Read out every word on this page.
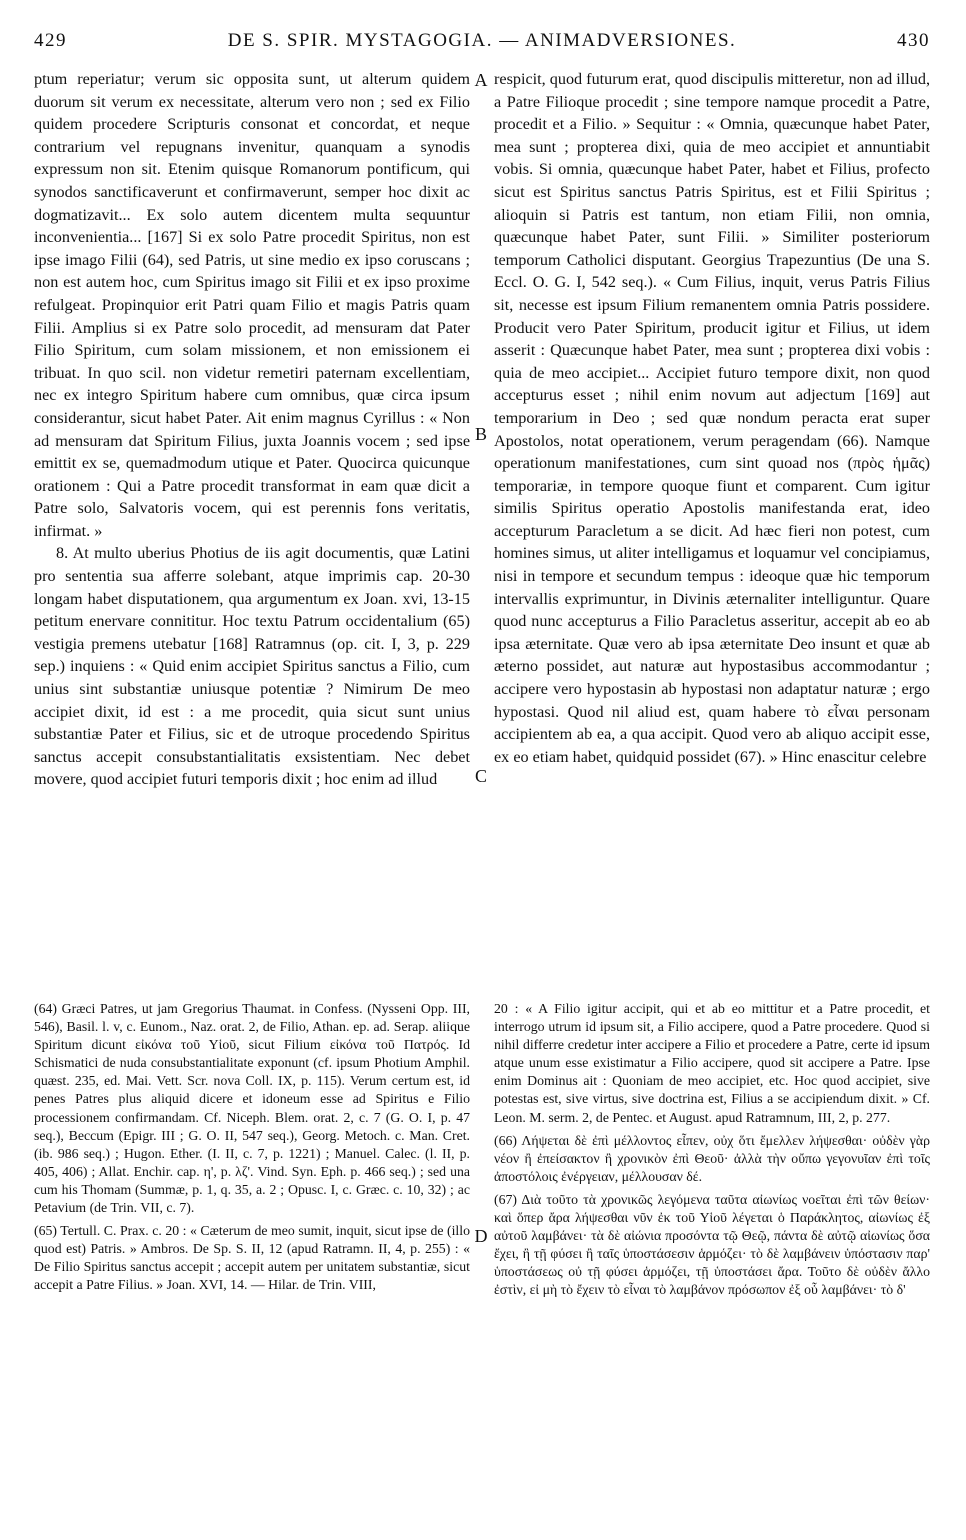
429	DE S. SPIR. MYSTAGOGIA. — ANIMADVERSIONES.	430

ptum reperiatur; verum sic opposita sunt, ut alterum quidem duorum sit verum ex necessitate, alterum vero non ; sed ex Filio quidem procedere Scripturis consonat et concordat, et neque contrarium vel repugnans invenitur, quanquam a synodis expressum non sit. Etenim quisque Romanorum pontificum, qui synodos sanctificaverunt et confirmaverunt, semper hoc dixit ac dogmatizavit... Ex solo autem dicentem multa sequuntur inconvenientia... [167] Si ex solo Patre procedit Spiritus, non est ipse imago Filii (64), sed Patris, ut sine medio ex ipso coruscans ; non est autem hoc, cum Spiritus imago sit Filii et ex ipso proxime refulgeat. Propinquior erit Patri quam Filio et magis Patris quam Filii. Amplius si ex Patre solo procedit, ad mensuram dat Pater Filio Spiritum, cum solam missionem, et non emissionem ei tribuat. In quo scil. non videtur remetiri paternam excellentiam, nec ex integro Spiritum habere cum omnibus, quæ circa ipsum considerantur, sicut habet Pater. Ait enim magnus Cyrillus : « Non ad mensuram dat Spiritum Filius, juxta Joannis vocem ; sed ipse emittit ex se, quemadmodum utique et Pater. Quocirca quicunque orationem : Qui a Patre procedit transformat in eam quæ dicit a Patre solo, Salvatoris vocem, qui est perennis fons veritatis, infirmat. »

8. At multo uberius Photius de iis agit documentis, quæ Latini pro sententia sua afferre solebant, atque imprimis cap. 20-30 longam habet disputationem, qua argumentum ex Joan. xvi, 13-15 petitum enervare connititur. Hoc textu Patrum occidentalium (65) vestigia premens utebatur [168] Ratramnus (op. cit. I, 3, p. 229 sep.) inquiens : « Quid enim accipiet Spiritus sanctus a Filio, cum unius sint substantiæ uniusque potentiæ ? Nimirum De meo accipiet dixit, id est : a me procedit, quia sicut sunt unius substantiæ Pater et Filius, sic et de utroque procedendo Spiritus sanctus accepit consubstantialitatis exsistentiam. Nec debet movere, quod accipiet futuri temporis dixit ; hoc enim ad illud

A
B
C
D

respicit, quod futurum erat, quod discipulis mitteretur, non ad illud, a Patre Filioque procedit ; sine tempore namque procedit a Patre, procedit et a Filio. » Sequitur : « Omnia, quæcunque habet Pater, mea sunt ; propterea dixi, quia de meo accipiet et annuntiabit vobis. Si omnia, quæcunque habet Pater, habet et Filius, profecto sicut est Spiritus sanctus Patris Spiritus, est et Filii Spiritus ; alioquin si Patris est tantum, non etiam Filii, non omnia, quæcunque habet Pater, sunt Filii. » Similiter posteriorum temporum Catholici disputant. Georgius Trapezuntius (De una S. Eccl. O. G. I, 542 seq.). « Cum Filius, inquit, verus Patris Filius sit, necesse est ipsum Filium remanentem omnia Patris possidere. Producit vero Pater Spiritum, producit igitur et Filius, ut idem asserit : Quæcunque habet Pater, mea sunt ; propterea dixi vobis : quia de meo accipiet... Accipiet futuro tempore dixit, non quod accepturus esset ; nihil enim novum aut adjectum [169] aut temporarium in Deo ; sed quæ nondum peracta erat super Apostolos, notat operationem, verum peragendam (66). Namque operationum manifestationes, cum sint quoad nos (πρὸς ἡμᾶς) temporariæ, in tempore quoque fiunt et comparent. Cum igitur similis Spiritus operatio Apostolis manifestanda erat, ideo accepturum Paracletum a se dicit. Ad hæc fieri non potest, cum homines simus, ut aliter intelligamus et loquamur vel concipiamus, nisi in tempore et secundum tempus : ideoque quæ hic temporum intervallis exprimuntur, in Divinis æternaliter intelliguntur. Quare quod nunc accepturus a Filio Paracletus asseritur, accepit ab eo ab ipsa æternitate. Quæ vero ab ipsa æternitate Deo insunt et quæ ab æterno possidet, aut naturæ aut hypostasibus accommodantur ; accipere vero hypostasin ab hypostasi non adaptatur naturæ ; ergo hypostasi. Quod nil aliud est, quam habere τὸ εἶναι personam accipientem ab ea, a qua accipit. Quod vero ab aliquo accipit esse, ex eo etiam habet, quidquid possidet (67). » Hinc enascitur celebre

(64) Græci Patres, ut jam Gregorius Thaumat. in Confess. (Nysseni Opp. III, 546), Basil. l. v, c. Eunom., Naz. orat. 2, de Filio, Athan. ep. ad. Serap. aliique Spiritum dicunt εἰκόνα τοῦ Υἱοῦ, sicut Filium εἰκόνα τοῦ Πατρός. Id Schismatici de nuda consubstantialitate exponunt (cf. ipsum Photium Amphil. quæst. 235, ed. Mai. Vett. Scr. nova Coll. IX, p. 115). Verum certum est, id penes Patres plus aliquid dicere et idoneum esse ad Spiritus e Filio processionem confirmandam. Cf. Niceph. Blem. orat. 2, c. 7 (G. O. I, p. 47 seq.), Beccum (Epigr. III ; G. O. II, 547 seq.), Georg. Metoch. c. Man. Cret. (ib. 986 seq.) ; Hugon. Ether. (I. II, c. 7, p. 1221) ; Manuel. Calec. (l. II, p. 405, 406) ; Allat. Enchir. cap. η', p. λζ'. Vind. Syn. Eph. p. 466 seq.) ; sed una cum his Thomam (Summæ, p. 1, q. 35, a. 2 ; Opusc. I, c. Græc. c. 10, 32) ; ac Petavium (de Trin. VII, c. 7).

(65) Tertull. C. Prax. c. 20 : « Cæterum de meo sumit, inquit, sicut ipse de (illo quod est) Patris. » Ambros. De Sp. S. II, 12 (apud Ratramn. II, 4, p. 255) : « De Filio Spiritus sanctus accepit ; accepit autem per unitatem substantiæ, sicut accepit a Patre Filius. » Joan. XVI, 14. — Hilar. de Trin. VIII,

20 : « A Filio igitur accipit, qui et ab eo mittitur et a Patre procedit, et interrogo utrum id ipsum sit, a Filio accipere, quod a Patre procedere. Quod si nihil differre credetur inter accipere a Filio et procedere a Patre, certe id ipsum atque unum esse existimatur a Filio accipere, quod sit accipere a Patre. Ipse enim Dominus ait : Quoniam de meo accipiet, etc. Hoc quod accipiet, sive potestas est, sive virtus, sive doctrina est, Filius a se accipiendum dixit. » Cf. Leon. M. serm. 2, de Pentec. et August. apud Ratramnum, III, 2, p. 277.

(66) Λήψεται δὲ ἐπὶ μέλλοντος εἶπεν, οὐχ ὅτι ἔμελλεν λήψεσθαι· οὐδὲν γὰρ νέον ἢ ἐπείσακτον ἢ χρονικὸν ἐπὶ Θεοῦ· ἀλλὰ τὴν οὔπω γεγονυῖαν ἐπὶ τοῖς ἀποστόλοις ἐνέργειαν, μέλλουσαν δέ.

(67) Διὰ τοῦτο τὰ χρονικῶς λεγόμενα ταῦτα αἰωνίως νοεῖται ἐπὶ τῶν θείων· καὶ ὅπερ ἄρα λήψεσθαι νῦν ἐκ τοῦ Υἱοῦ λέγεται ὁ Παράκλητος, αἰωνίως ἐξ αὐτοῦ λαμβάνει· τὰ δὲ αἰώνια προσόντα τῷ Θεῷ, πάντα δὲ αὐτῷ αἰωνίως ὅσα ἔχει, ἢ τῇ φύσει ἢ ταῖς ὑποστάσεσιν ἁρμόζει· τὸ δὲ λαμβάνειν ὑπόστασιν παρ' ὑποστάσεως οὐ τῇ φύσει ἁρμόζει, τῇ ὑποστάσει ἄρα. Τοῦτο δὲ οὐδὲν ἄλλο ἐστὶν, εἰ μὴ τὸ ἔχειν τὸ εἶναι τὸ λαμβάνον πρόσωπον ἐξ οὗ λαμβάνει· τὸ δ'
